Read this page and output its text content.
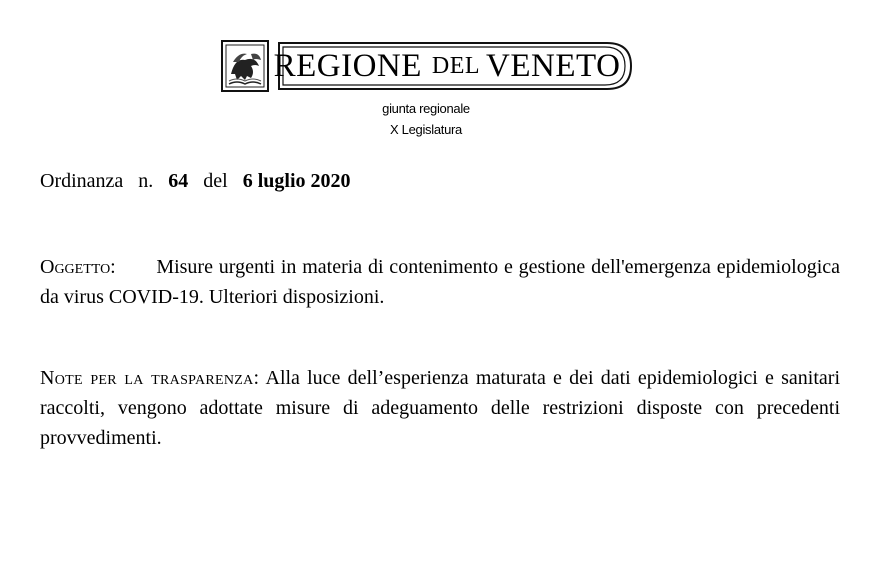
REGIONE DEL VENETO
giunta regionale
X Legislatura
Ordinanza n. 64 del 6 luglio 2020
Oggetto: Misure urgenti in materia di contenimento e gestione dell'emergenza epidemiologica da virus COVID-19. Ulteriori disposizioni.
Note per la trasparenza: Alla luce dell’esperienza maturata e dei dati epidemiologici e sanitari raccolti, vengono adottate misure di adeguamento delle restrizioni disposte con precedenti provvedimenti.
